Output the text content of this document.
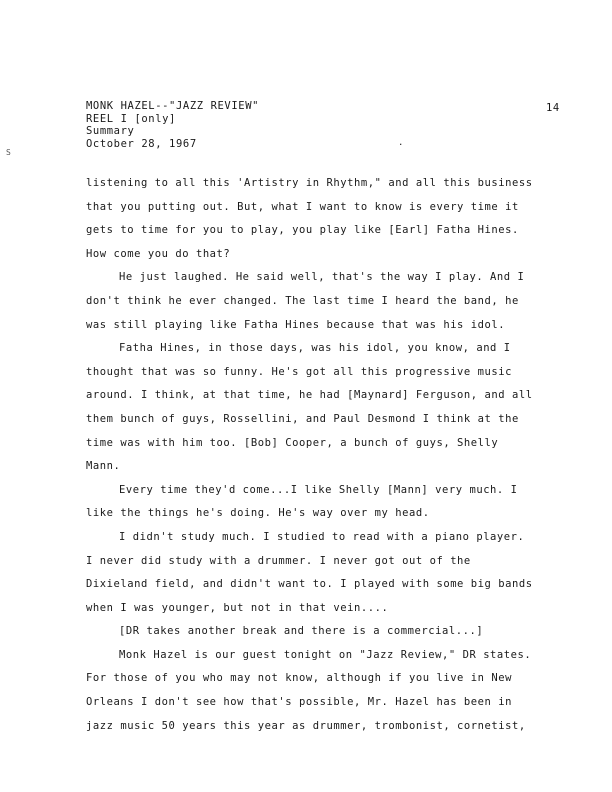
MONK HAZEL--"JAZZ REVIEW"
REEL I [only]
Summary
October 28, 1967
14
S
.
listening to all this 'Artistry in Rhythm," and all this business
that you putting out. But, what I want to know is every time it
gets to time for you to play, you play like [Earl] Fatha Hines.
How come you do that?
He just laughed. He said well, that's the way I play. And I
don't think he ever changed. The last time I heard the band, he
was still playing like Fatha Hines because that was his idol.
Fatha Hines, in those days, was his idol, you know, and I
thought that was so funny. He's got all this progressive music
around. I think, at that time, he had [Maynard] Ferguson, and all
them bunch of guys, Rossellini, and Paul Desmond I think at the
time was with him too. [Bob] Cooper, a bunch of guys, Shelly
Mann.
Every time they'd come...I like Shelly [Mann] very much. I
like the things he's doing. He's way over my head.
I didn't study much. I studied to read with a piano player.
I never did study with a drummer. I never got out of the
Dixieland field, and didn't want to. I played with some big bands
when I was younger, but not in that vein....
[DR takes another break and there is a commercial...]
Monk Hazel is our guest tonight on "Jazz Review," DR states.
For those of you who may not know, although if you live in New
Orleans I don't see how that's possible, Mr. Hazel has been in
jazz music 50 years this year as drummer, trombonist, cornetist,
